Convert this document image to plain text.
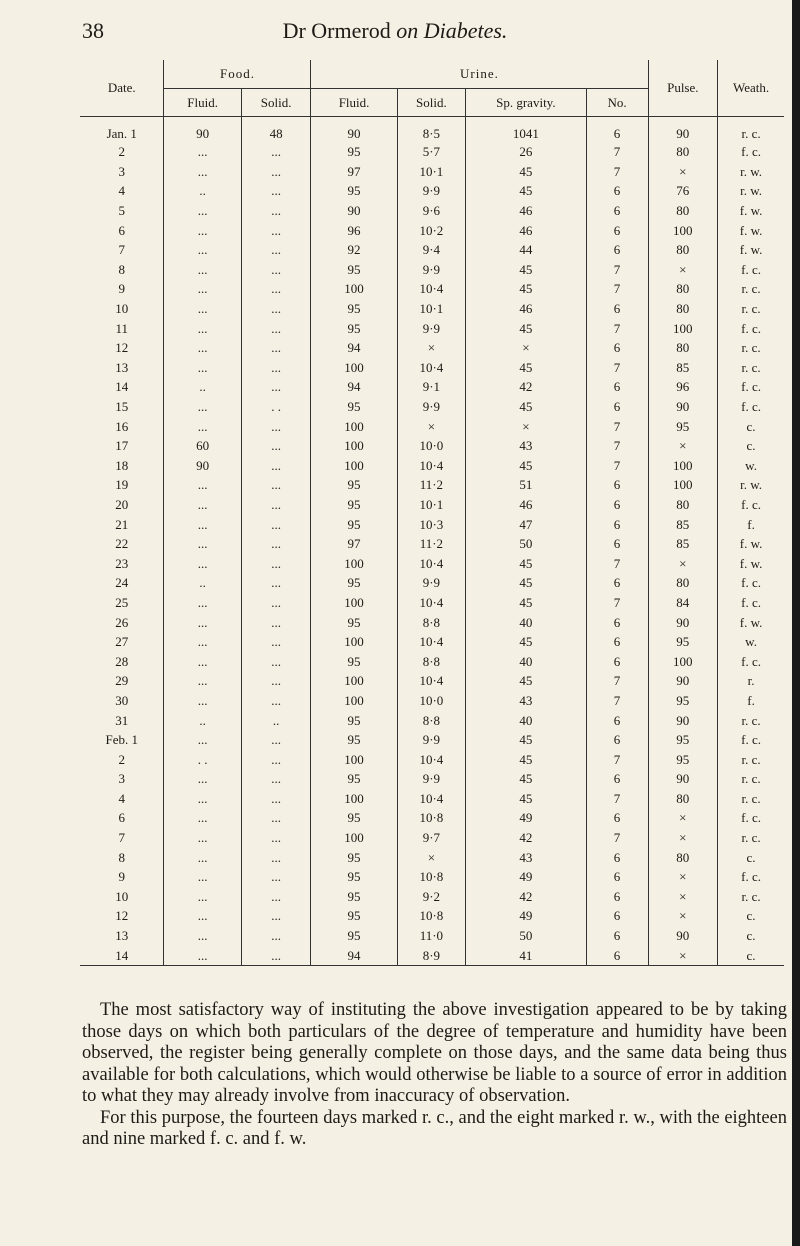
38	Dr Ormerod on Diabetes.
Date.	Food.		Urine.				Pulse.	Weath.
	Fluid.	Solid.	Fluid.	Solid.	Sp. gravity.	No.		
Jan. 1	90	48	90	8·5	1041	6	90	r. c.
2	...	...	95	5·7	26	7	80	f. c.
3	...	...	97	10·1	45	7	×	r. w.
4	..	...	95	9·9	45	6	76	r. w.
5	...	...	90	9·6	46	6	80	f. w.
6	...	...	96	10·2	46	6	100	f. w.
7	...	...	92	9·4	44	6	80	f. w.
8	...	...	95	9·9	45	7	×	f. c.
9	...	...	100	10·4	45	7	80	r. c.
10	...	...	95	10·1	46	6	80	r. c.
11	...	...	95	9·9	45	7	100	f. c.
12	...	...	94	×	×	6	80	r. c.
13	...	...	100	10·4	45	7	85	r. c.
14	..	...	94	9·1	42	6	96	f. c.
15	...	. .	95	9·9	45	6	90	f. c.
16	...	...	100	×	×	7	95	c.
17	60	...	100	10·0	43	7	×	c.
18	90	...	100	10·4	45	7	100	w.
19	...	...	95	11·2	51	6	100	r. w.
20	...	...	95	10·1	46	6	80	f. c.
21	...	...	95	10·3	47	6	85	f.
22	...	...	97	11·2	50	6	85	f. w.
23	...	...	100	10·4	45	7	×	f. w.
24	..	...	95	9·9	45	6	80	f. c.
25	...	...	100	10·4	45	7	84	f. c.
26	...	...	95	8·8	40	6	90	f. w.
27	...	...	100	10·4	45	6	95	w.
28	...	...	95	8·8	40	6	100	f. c.
29	...	...	100	10·4	45	7	90	r.
30	...	...	100	10·0	43	7	95	f.
31	..	..	95	8·8	40	6	90	r. c.
Feb. 1	...	...	95	9·9	45	6	95	f. c.
2	. .	...	100	10·4	45	7	95	r. c.
3	...	...	95	9·9	45	6	90	r. c.
4	...	...	100	10·4	45	7	80	r. c.
6	...	...	95	10·8	49	6	×	f. c.
7	...	...	100	9·7	42	7	×	r. c.
8	...	...	95	×	43	6	80	c.
9	...	...	95	10·8	49	6	×	f. c.
10	...	...	95	9·2	42	6	×	r. c.
12	...	...	95	10·8	49	6	×	c.
13	...	...	95	11·0	50	6	90	c.
14	...	...	94	8·9	41	6	×	c.

The most satisfactory way of instituting the above investigation appeared to be by taking those days on which both particulars of the degree of temperature and humidity have been observed, the register being generally complete on those days, and the same data being thus available for both calculations, which would otherwise be liable to a source of error in addition to what they may already involve from inaccuracy of observation.

For this purpose, the fourteen days marked r. c., and the eight marked r. w., with the eighteen and nine marked f. c. and f. w.
